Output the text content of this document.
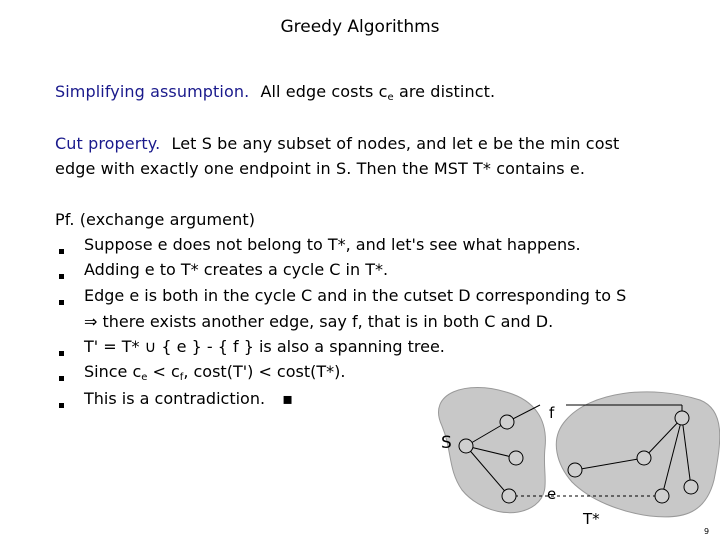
Greedy Algorithms
Simplifying assumption. All edge costs $c_e$ are distinct.
Cut property. Let S be any subset of nodes, and let e be the min cost
edge with exactly one endpoint in S. Then the MST T* contains e.
Pf. (exchange argument)
Suppose e does not belong to T*, and let's see what happens.
Adding e to T* creates a cycle C in T*.
Edge e is both in the cycle C and in the cutset D corresponding to S
⇒ there exists another edge, say f, that is in both C and D.
T' = T* ∪ { e } - { f } is also a spanning tree.
Since $c_e < c_f$, cost(T') < cost(T*).
This is a contradiction. ▪
S
f
e
T*
9
